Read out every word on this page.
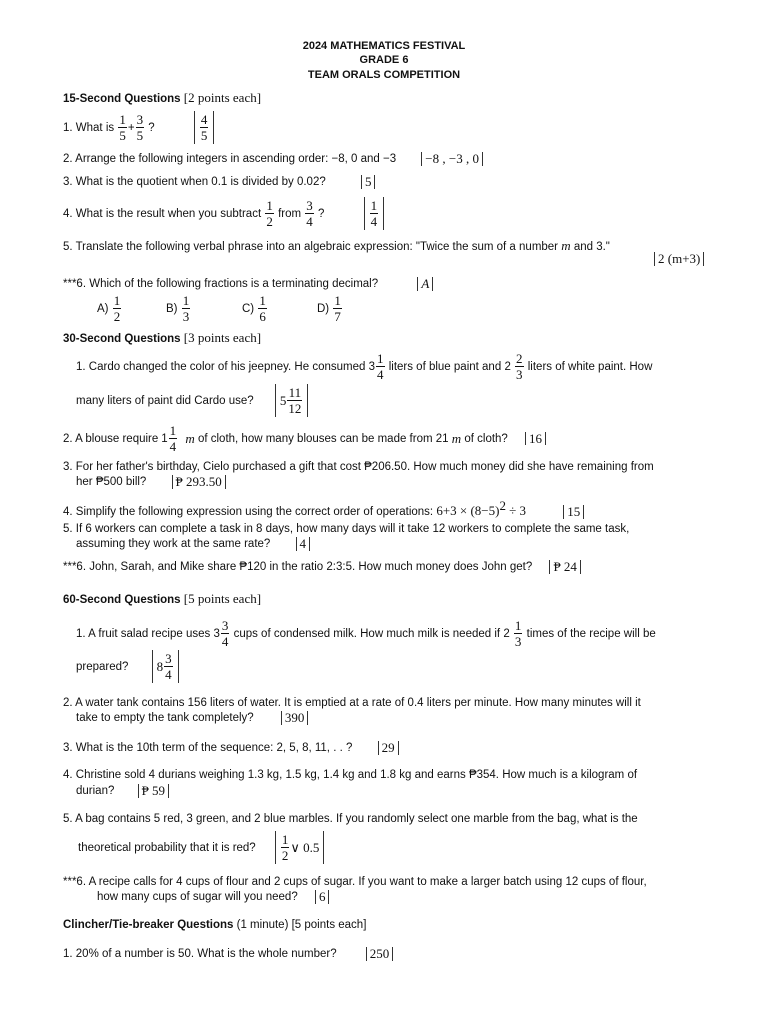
2024 MATHEMATICS FESTIVAL
GRADE 6
TEAM ORALS COMPETITION
15-Second Questions [2 points each]
1. What is $\frac{1}{5} + \frac{3}{5}$ ?	$\frac{4}{5}$
2. Arrange the following integers in ascending order: −8, 0 and −3 −8 , −3 , 0
3. What is the quotient when 0.1 is divided by 0.02?	5
4. What is the result when you subtract $\frac{1}{2}$ from $\frac{3}{4}$ ?	$\frac{1}{4}$
5. Translate the following verbal phrase into an algebraic expression: "Twice the sum of a number m and 3."
2 (m+3)
***6. Which of the following fractions is a terminating decimal?	A
$A) \frac{1}{2}$	$B) \frac{1}{3}$	$C) \frac{1}{6}$	$D) \frac{1}{7}$
30-Second Questions [3 points each]
1. Cardo changed the color of his jeepney. He consumed $3 \frac{1}{4}$ liters of blue paint and $2 \frac{2}{3}$ liters of white paint. How
many liters of paint did Cardo use? $5 \frac{11}{12}$
2. A blouse require $1 \frac{1}{4}$ m of cloth, how many blouses can be made from 21 m of cloth? 16
3. For her father's birthday, Cielo purchased a gift that cost ₱206.50. How much money did she have remaining from
her ₱500 bill? ₱ 293.50
4. Simplify the following expression using the correct order of operations: $6+3 \times (8-5)^2 \div 3$	15
5. If 6 workers can complete a task in 8 days, how many days will it take 12 workers to complete the same task,
assuming they work at the same rate? 4
***6. John, Sarah, and Mike share ₱120 in the ratio 2:3:5. How much money does John get? ₱ 24
60-Second Questions [5 points each]
1. A fruit salad recipe uses $3 \frac{3}{4}$ cups of condensed milk. How much milk is needed if $2 \frac{1}{3}$ times of the recipe will be
prepared? $8 \frac{3}{4}$
2. A water tank contains 156 liters of water. It is emptied at a rate of 0.4 liters per minute. How many minutes will it
take to empty the tank completely? 390
3. What is the 10th term of the sequence: 2, 5, 8, 11, . . ? 29
4. Christine sold 4 durians weighing 1.3 kg, 1.5 kg, 1.4 kg and 1.8 kg and earns ₱354. How much is a kilogram of
durian? ₱ 59
5. A bag contains 5 red, 3 green, and 2 blue marbles. If you randomly select one marble from the bag, what is the
theoretical probability that it is red? $\frac{1}{2}$ ∨ 0.5
***6. A recipe calls for 4 cups of flour and 2 cups of sugar. If you want to make a larger batch using 12 cups of flour,
how many cups of sugar will you need? 6
Clincher/Tie-breaker Questions (1 minute) [5 points each]
1. 20% of a number is 50. What is the whole number?	250
